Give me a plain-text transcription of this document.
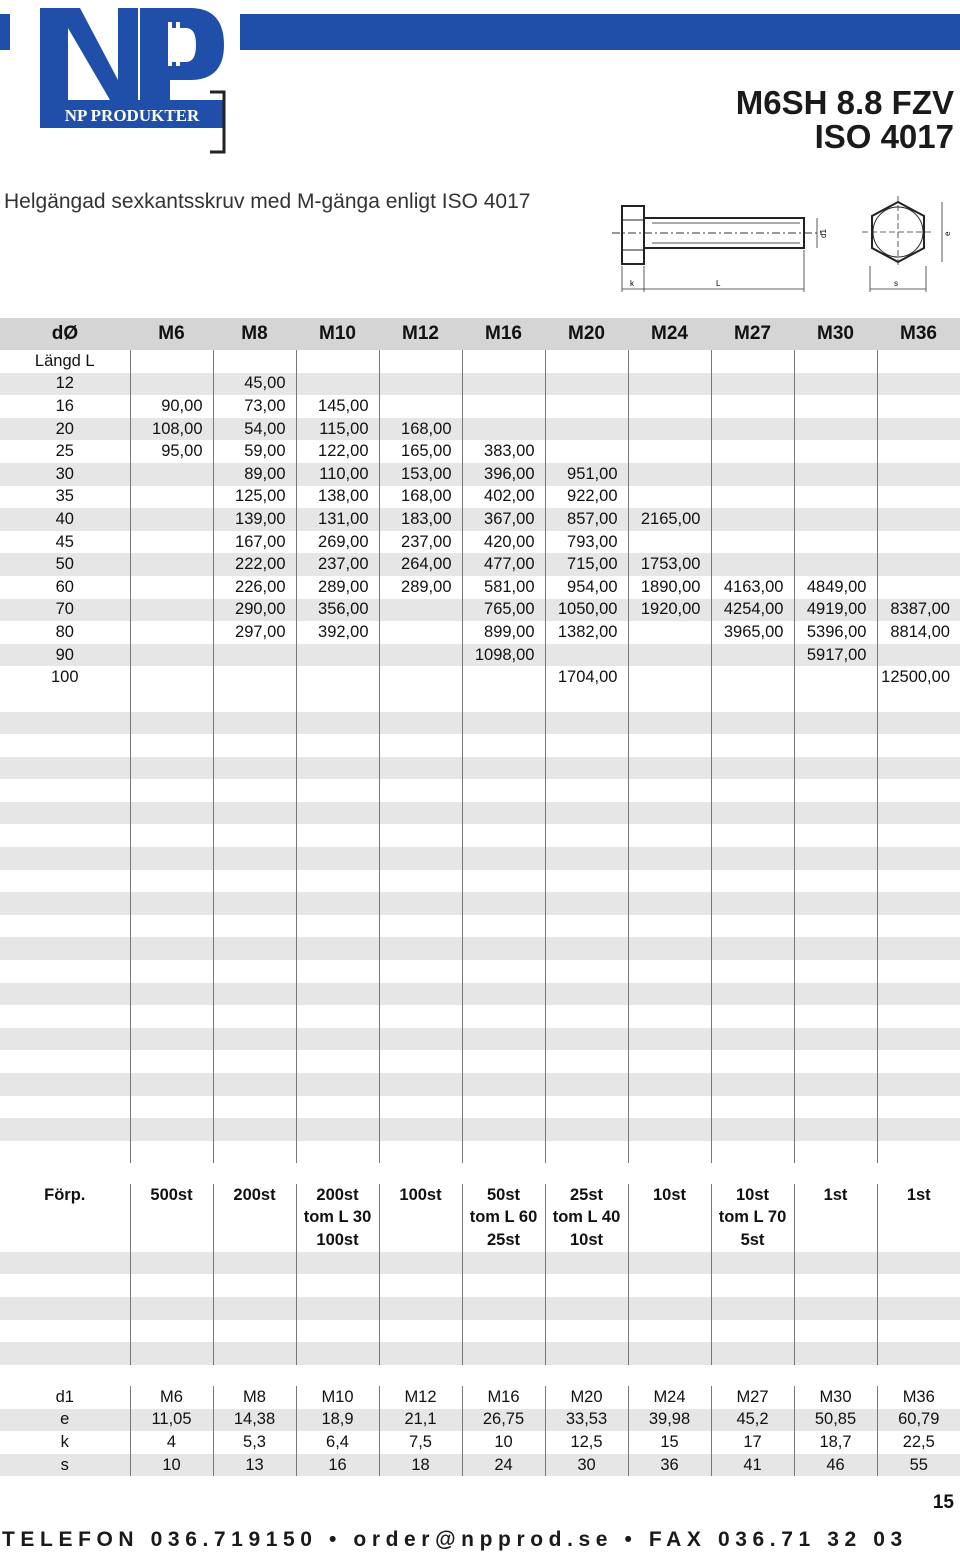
NP PRODUKTER	M6SH 8.8 FZV
ISO 4017
Helgängad sexkantsskruv med M-gänga enligt ISO 4017
k	L
d1
s
e
dØ	M6	M8	M10	M12	M16	M20	M24	M27	M30	M36
Längd L										
12		45,00								
16	90,00	73,00	145,00							
20	108,00	54,00	115,00	168,00						
25	95,00	59,00	122,00	165,00	383,00					
30		89,00	110,00	153,00	396,00	951,00				
35		125,00	138,00	168,00	402,00	922,00				
40		139,00	131,00	183,00	367,00	857,00	2165,00			
45		167,00	269,00	237,00	420,00	793,00				
50		222,00	237,00	264,00	477,00	715,00	1753,00			
60		226,00	289,00	289,00	581,00	954,00	1890,00	4163,00	4849,00	
70		290,00	356,00		765,00	1050,00	1920,00	4254,00	4919,00	8387,00
80		297,00	392,00		899,00	1382,00		3965,00	5396,00	8814,00
90					1098,00				5917,00	
100						1704,00				12500,00

Förp.	500st	200st	200st	100st	50st	25st	10st	10st	1st	1st
			tom L 30		tom L 60	tom L 40		tom L 70		
			100st		25st	10st		5st		

d1	M6	M8	M10	M12	M16	M20	M24	M27	M30	M36
e	11,05	14,38	18,9	21,1	26,75	33,53	39,98	45,2	50,85	60,79
k	4	5,3	6,4	7,5	10	12,5	15	17	18,7	22,5
s	10	13	16	18	24	30	36	41	46	55
15
TELEFON 036.719150 • order@npprod.se • FAX 036.71 32 03
